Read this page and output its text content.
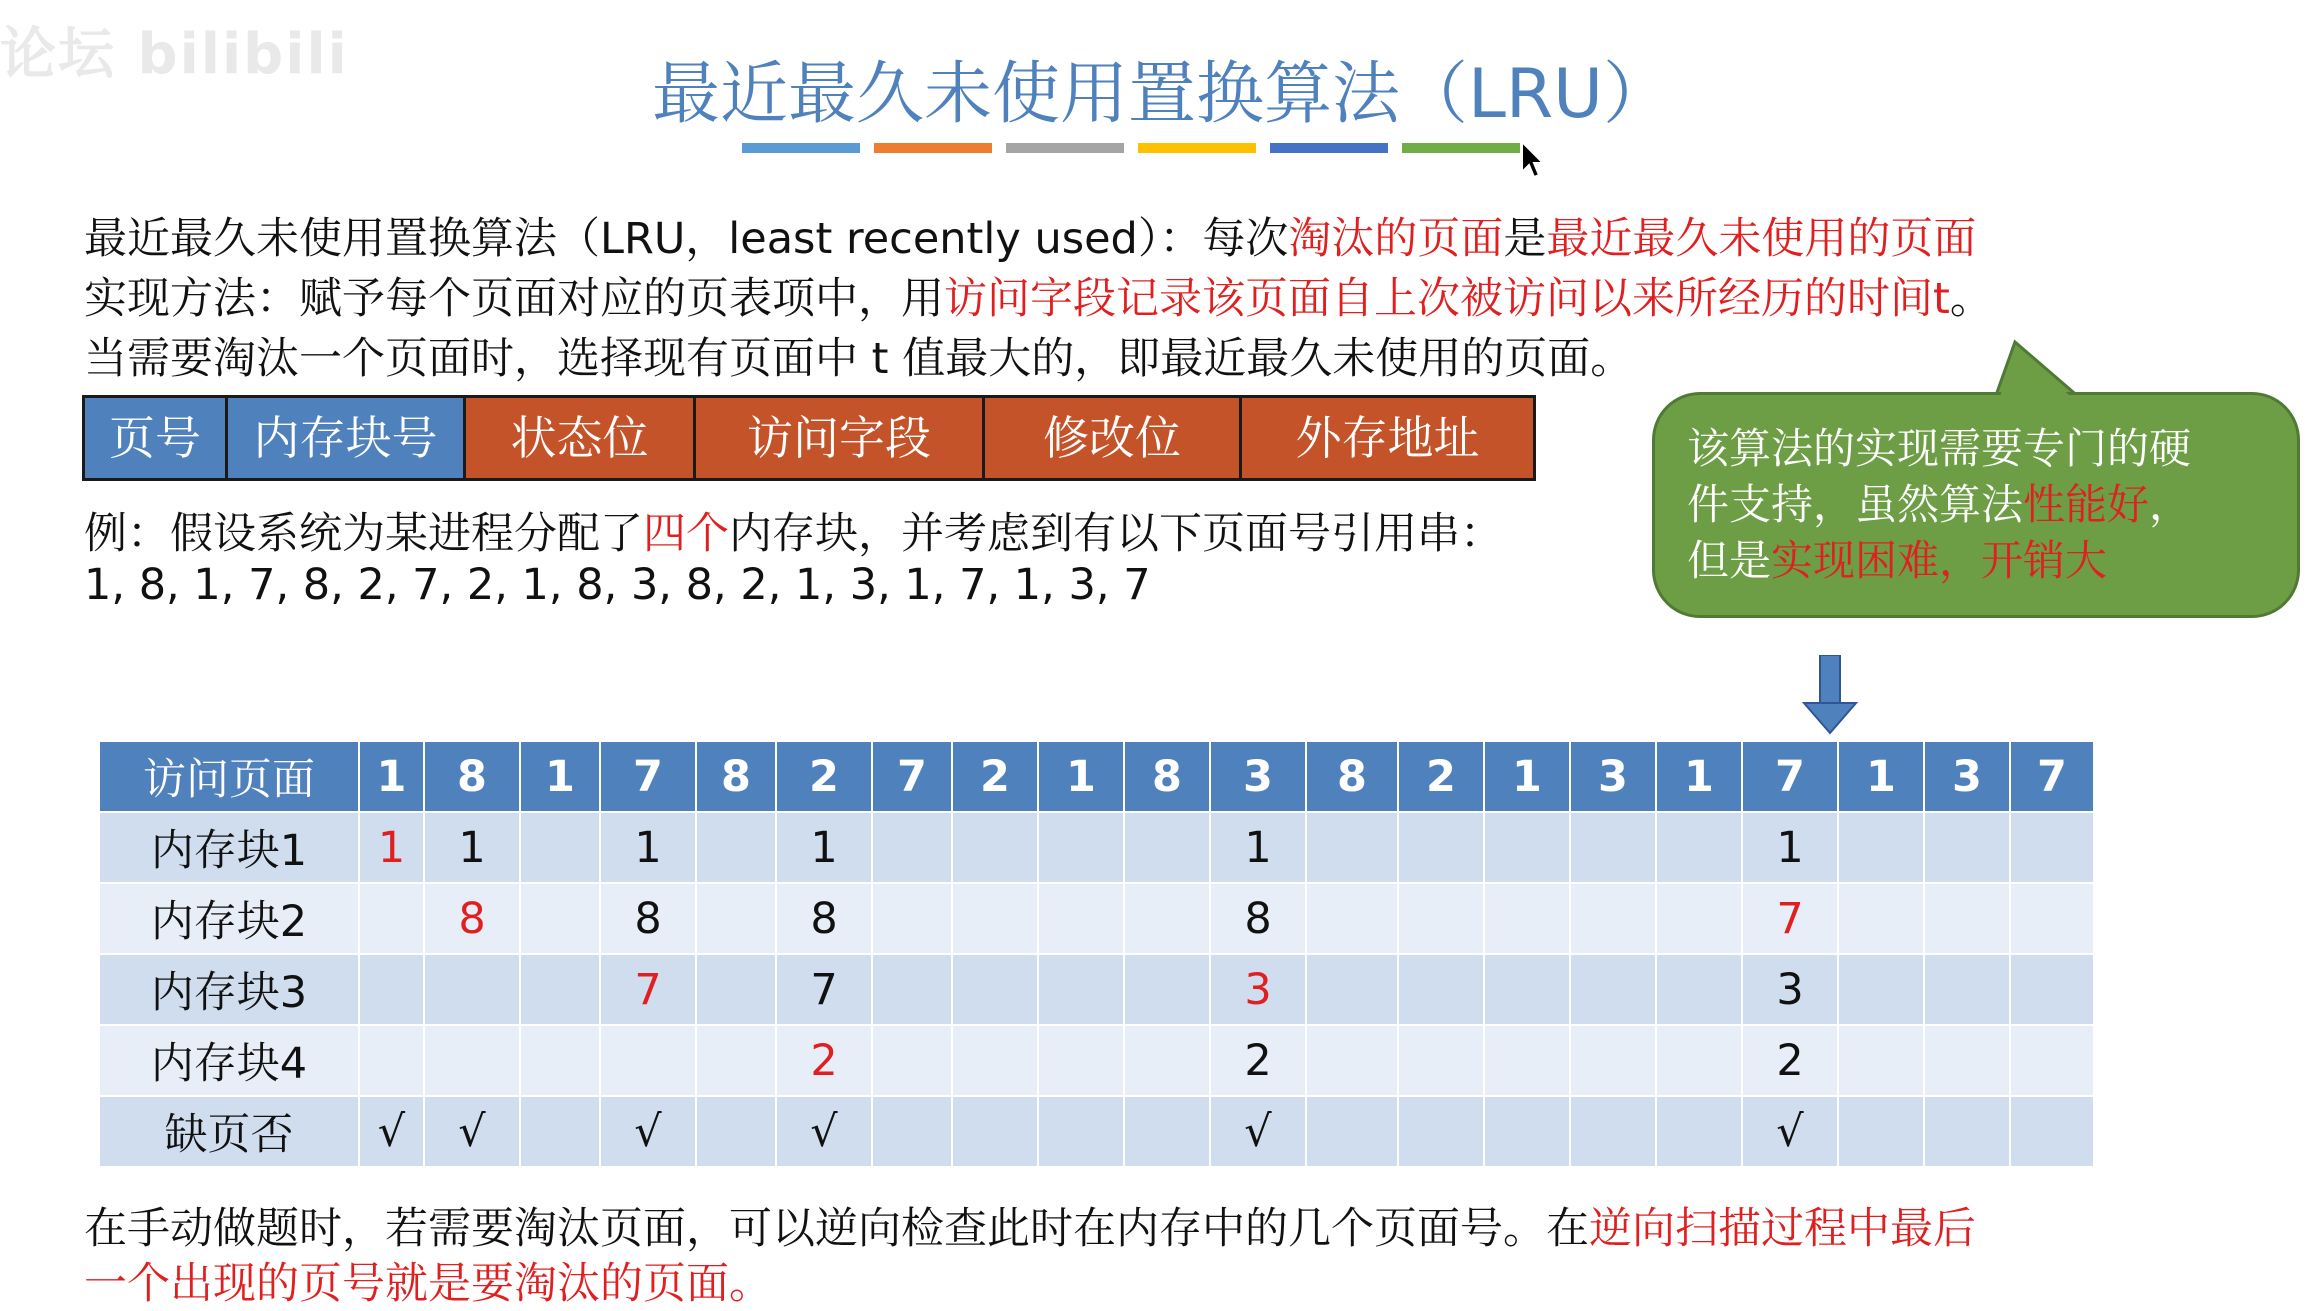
论坛 bilibili
最近最久未使用置换算法（LRU）
最近最久未使用置换算法（LRU，least recently used）：每次淘汰的页面是最近最久未使用的页面
实现方法：赋予每个页面对应的页表项中，用访问字段记录该页面自上次被访问以来所经历的时间t。
当需要淘汰一个页面时，选择现有页面中 t 值最大的，即最近最久未使用的页面。
页号	内存块号	状态位	访问字段	修改位	外存地址
例：假设系统为某进程分配了四个内存块，并考虑到有以下页面号引用串：
1, 8, 1, 7, 8, 2, 7, 2, 1, 8, 3, 8, 2, 1, 3, 1, 7, 1, 3, 7
该算法的实现需要专门的硬
件支持，虽然算法性能好，
但是实现困难，开销大
访问页面	1	8	1	7	8	2	7	2	1	8	3	8	2	1	3	1	7	1	3	7
内存块1	1	1		1		1					1						1			
内存块2		8		8		8					8						7			
内存块3				7		7					3						3			
内存块4						2					2						2			
缺页否	√	√		√		√					√						√			
在手动做题时，若需要淘汰页面，可以逆向检查此时在内存中的几个页面号。在逆向扫描过程中最后
一个出现的页号就是要淘汰的页面。
